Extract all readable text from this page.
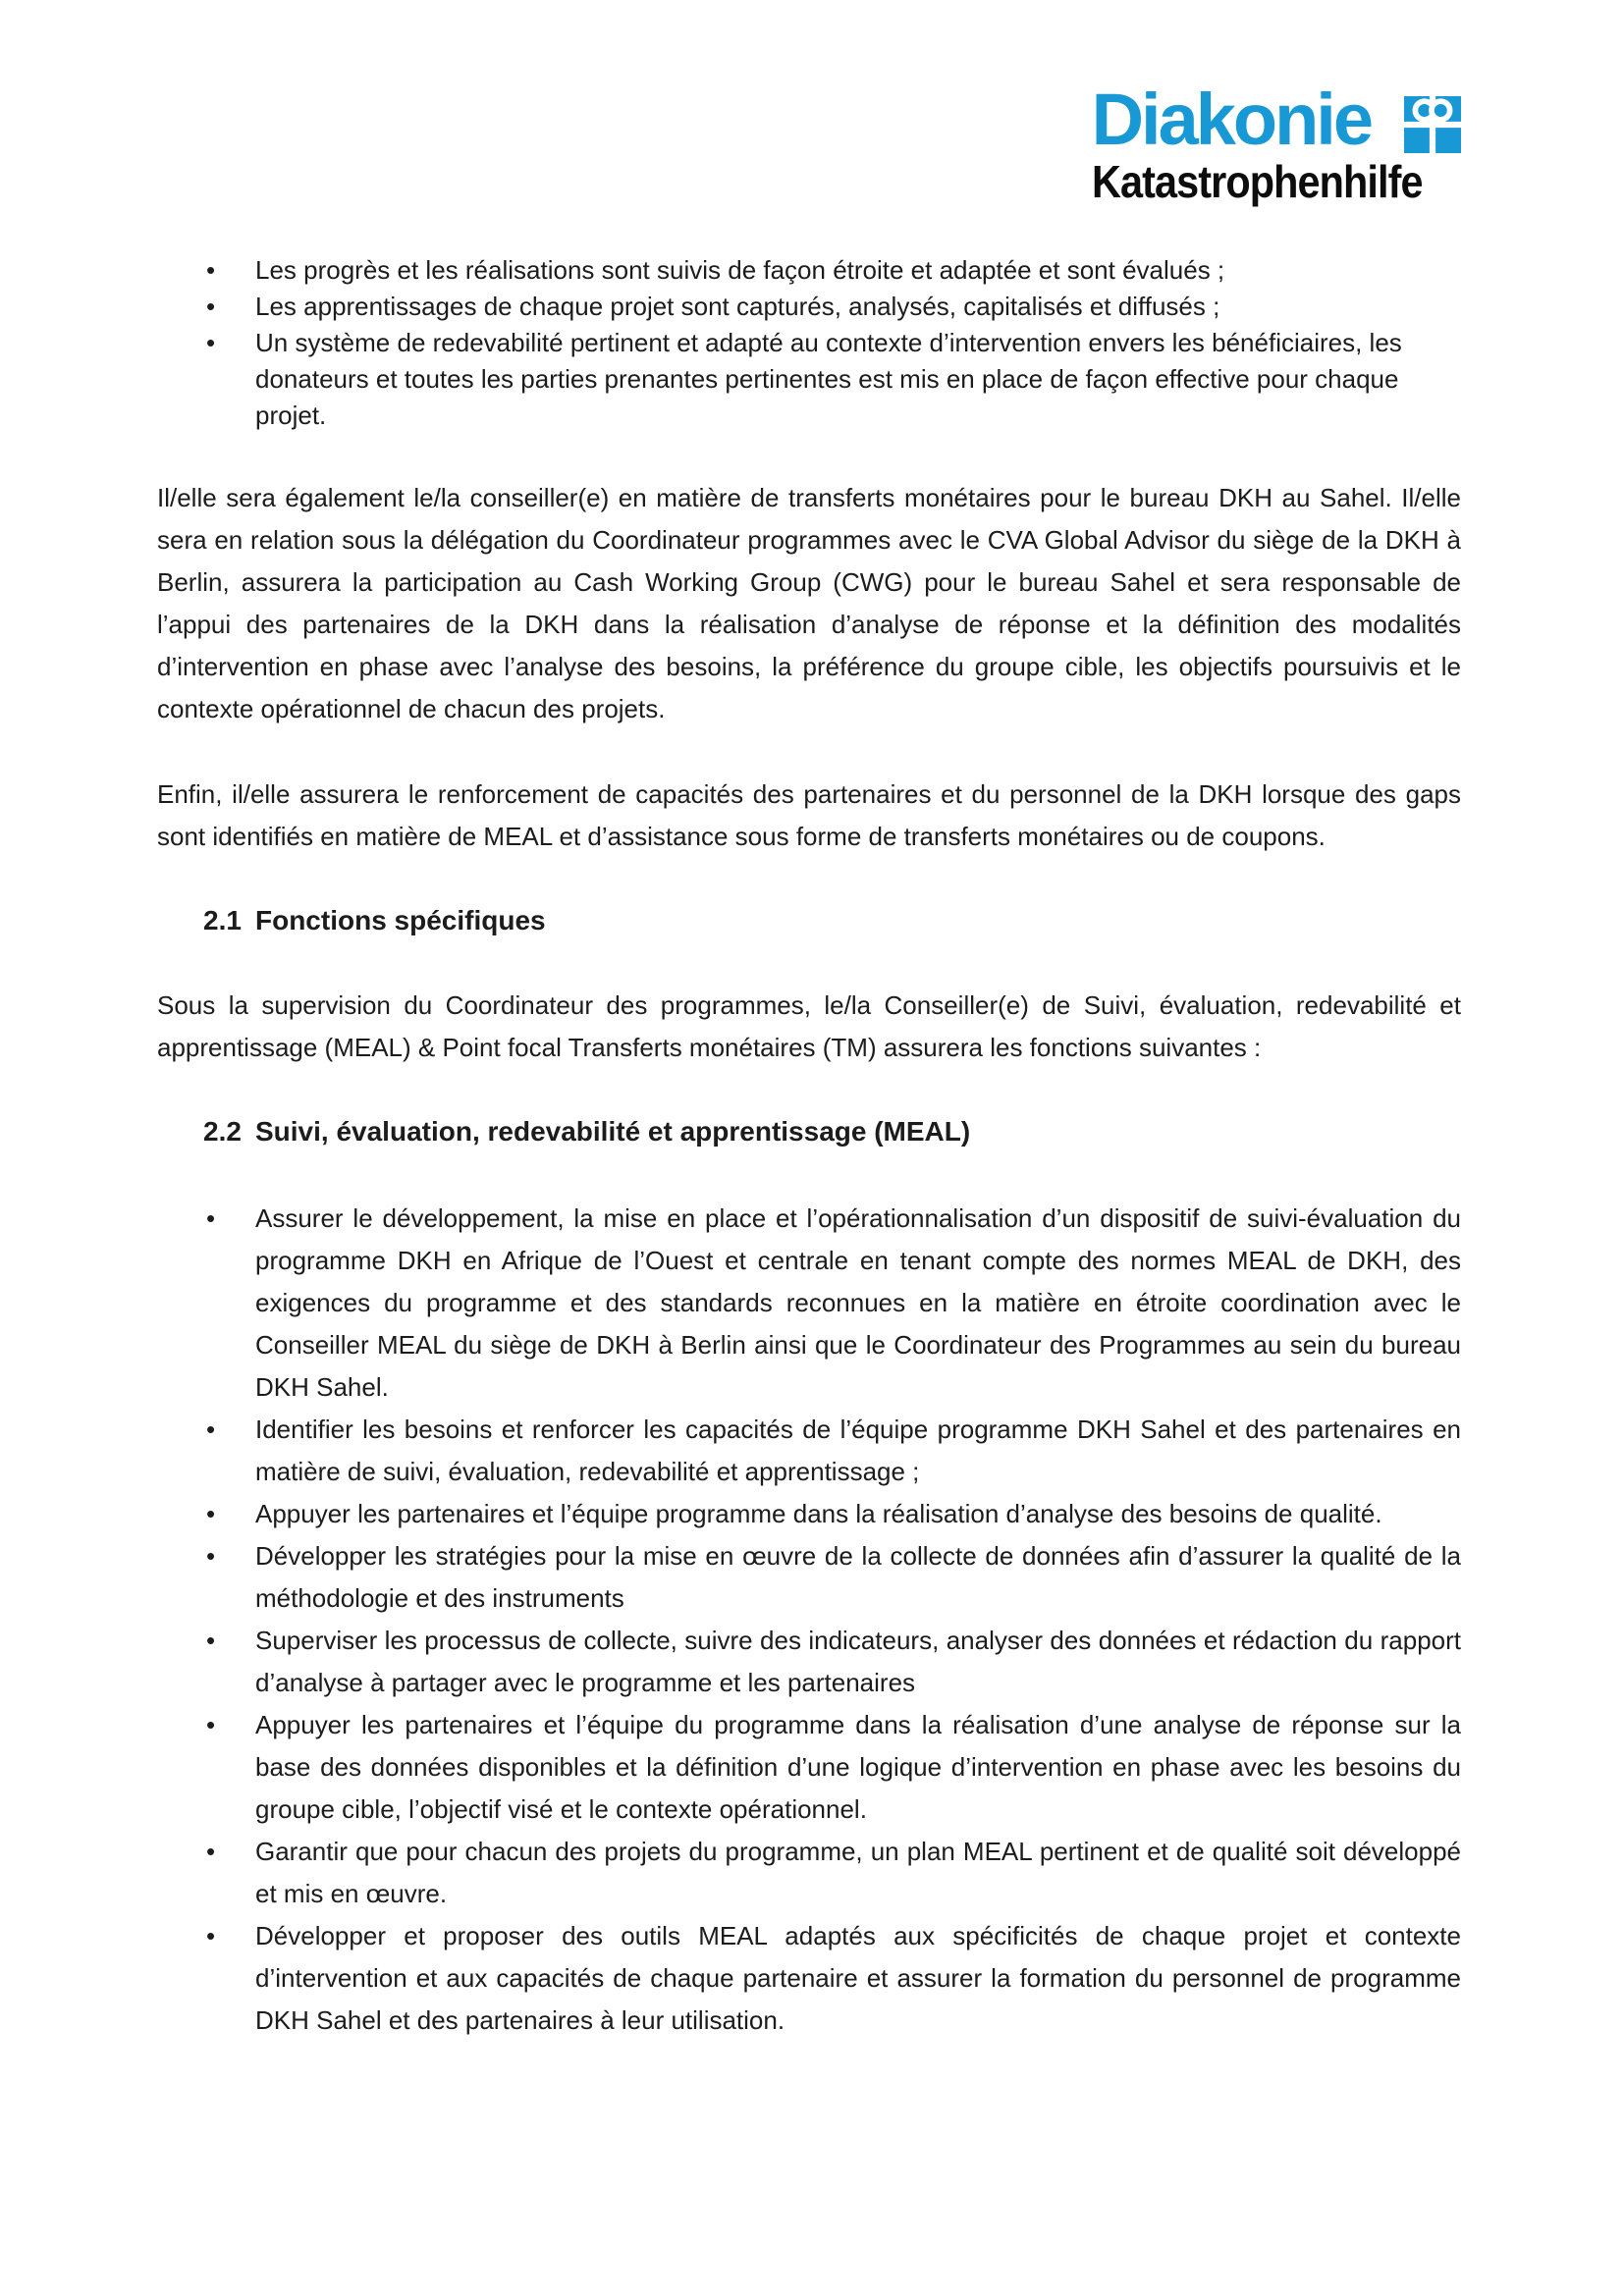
Diakonie
Katastrophenhilfe
• Les progrès et les réalisations sont suivis de façon étroite et adaptée et sont évalués ;
• Les apprentissages de chaque projet sont capturés, analysés, capitalisés et diffusés ;
• Un système de redevabilité pertinent et adapté au contexte d’intervention envers les bénéficiaires, les donateurs et toutes les parties prenantes pertinentes est mis en place de façon effective pour chaque projet.

Il/elle sera également le/la conseiller(e) en matière de transferts monétaires pour le bureau DKH au Sahel. Il/elle sera en relation sous la délégation du Coordinateur programmes avec le CVA Global Advisor du siège de la DKH à Berlin, assurera la participation au Cash Working Group (CWG) pour le bureau Sahel et sera responsable de l’appui des partenaires de la DKH dans la réalisation d’analyse de réponse et la définition des modalités d’intervention en phase avec l’analyse des besoins, la préférence du groupe cible, les objectifs poursuivis et le contexte opérationnel de chacun des projets.

Enfin, il/elle assurera le renforcement de capacités des partenaires et du personnel de la DKH lorsque des gaps sont identifiés en matière de MEAL et d’assistance sous forme de transferts monétaires ou de coupons.

2.1 Fonctions spécifiques

Sous la supervision du Coordinateur des programmes, le/la Conseiller(e) de Suivi, évaluation, redevabilité et apprentissage (MEAL) & Point focal Transferts monétaires (TM) assurera les fonctions suivantes :

2.2 Suivi, évaluation, redevabilité et apprentissage (MEAL)
• Assurer le développement, la mise en place et l’opérationnalisation d’un dispositif de suivi-évaluation du programme DKH en Afrique de l’Ouest et centrale en tenant compte des normes MEAL de DKH, des exigences du programme et des standards reconnues en la matière en étroite coordination avec le Conseiller MEAL du siège de DKH à Berlin ainsi que le Coordinateur des Programmes au sein du bureau DKH Sahel.
• Identifier les besoins et renforcer les capacités de l’équipe programme DKH Sahel et des partenaires en matière de suivi, évaluation, redevabilité et apprentissage ;
• Appuyer les partenaires et l’équipe programme dans la réalisation d’analyse des besoins de qualité.
• Développer les stratégies pour la mise en œuvre de la collecte de données afin d’assurer la qualité de la méthodologie et des instruments
• Superviser les processus de collecte, suivre des indicateurs, analyser des données et rédaction du rapport d’analyse à partager avec le programme et les partenaires
• Appuyer les partenaires et l’équipe du programme dans la réalisation d’une analyse de réponse sur la base des données disponibles et la définition d’une logique d’intervention en phase avec les besoins du groupe cible, l’objectif visé et le contexte opérationnel.
• Garantir que pour chacun des projets du programme, un plan MEAL pertinent et de qualité soit développé et mis en œuvre.
• Développer et proposer des outils MEAL adaptés aux spécificités de chaque projet et contexte d’intervention et aux capacités de chaque partenaire et assurer la formation du personnel de programme DKH Sahel et des partenaires à leur utilisation.
